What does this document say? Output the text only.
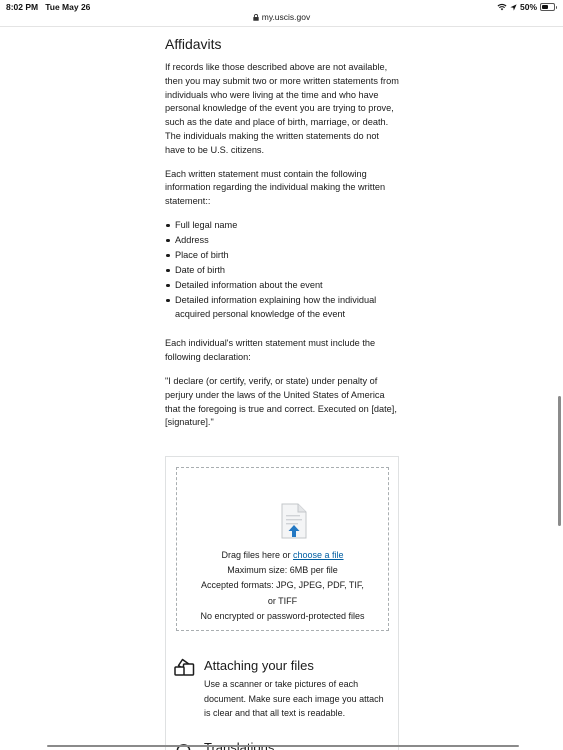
8:02 PM Tue May 26	50%
my.uscis.gov
Affidavits

If records like those described above are not available, then you may submit two or more written statements from individuals who were living at the time and who have personal knowledge of the event you are trying to prove, such as the date and place of birth, marriage, or death. The individuals making the written statements do not have to be U.S. citizens.

Each written statement must contain the following information regarding the individual making the written statement::

Full legal name
Address
Place of birth
Date of birth
Detailed information about the event
Detailed information explaining how the individual acquired personal knowledge of the event

Each individual's written statement must include the following declaration:

"I declare (or certify, verify, or state) under penalty of perjury under the laws of the United States of America that the foregoing is true and correct. Executed on [date], [signature]."

Drag files here or choose a file
Maximum size: 6MB per file
Accepted formats: JPG, JPEG, PDF, TIF, or TIFF
No encrypted or password-protected files
Attaching your files
Use a scanner or take pictures of each document. Make sure each image you attach is clear and that all text is readable.
